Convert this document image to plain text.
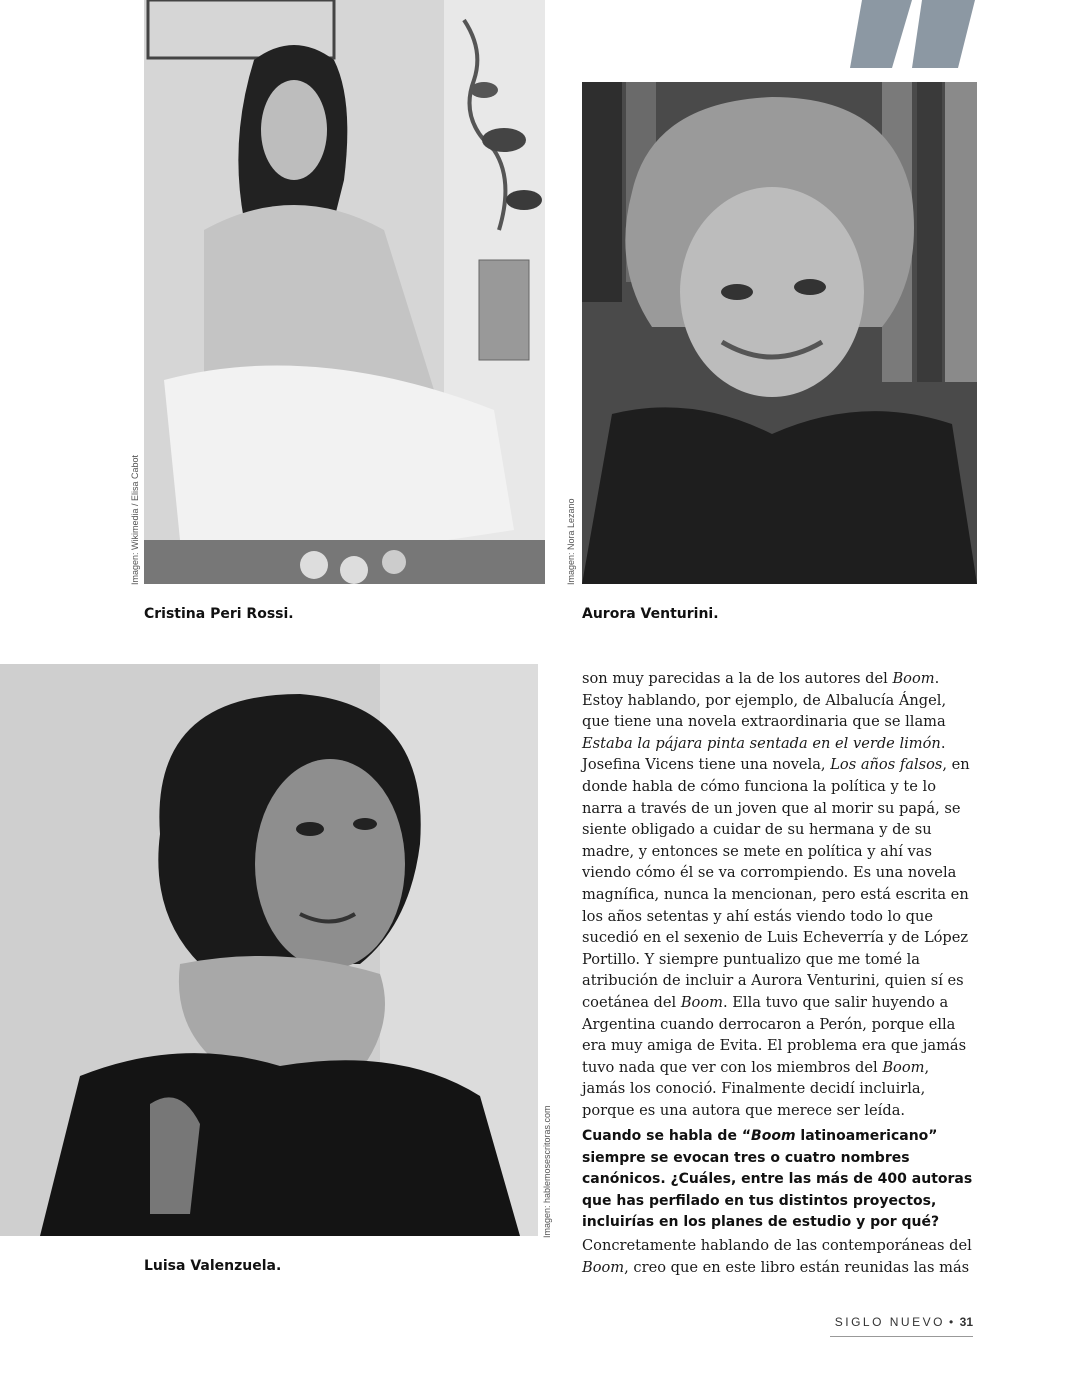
Imagen: Wikimedia / Elisa Cabot
Cristina Peri Rossi.
Imagen: Nora Lezano
Aurora Venturini.
Imagen: hablemosescritoras.com
Luisa Valenzuela.

son muy parecidas a la de los autores del Boom. Estoy hablando, por ejemplo, de Albalucía Ángel, que tiene una novela extraordinaria que se llama Estaba la pájara pinta sentada en el verde limón. Josefina Vicens tiene una novela, Los años falsos, en donde habla de cómo funciona la política y te lo narra a través de un joven que al morir su papá, se siente obligado a cuidar de su hermana y de su madre, y entonces se mete en política y ahí vas viendo cómo él se va corrompiendo. Es una novela magnífica, nunca la mencionan, pero está escrita en los años setentas y ahí estás viendo todo lo que sucedió en el sexenio de Luis Echeverría y de López Portillo. Y siempre puntualizo que me tomé la atribución de incluir a Aurora Venturini, quien sí es coetánea del Boom. Ella tuvo que salir huyendo a Argentina cuando derrocaron a Perón, porque ella era muy amiga de Evita. El problema era que jamás tuvo nada que ver con los miembros del Boom, jamás los conoció. Finalmente decidí incluirla, porque es una autora que merece ser leída.

Cuando se habla de “Boom latinoamericano” siempre se evocan tres o cuatro nombres canónicos. ¿Cuáles, entre las más de 400 autoras que has perfilado en tus distintos proyectos, incluirías en los planes de estudio y por qué?

Concretamente hablando de las contemporáneas del Boom, creo que en este libro están reunidas las más

SIGLO NUEVO • 31
